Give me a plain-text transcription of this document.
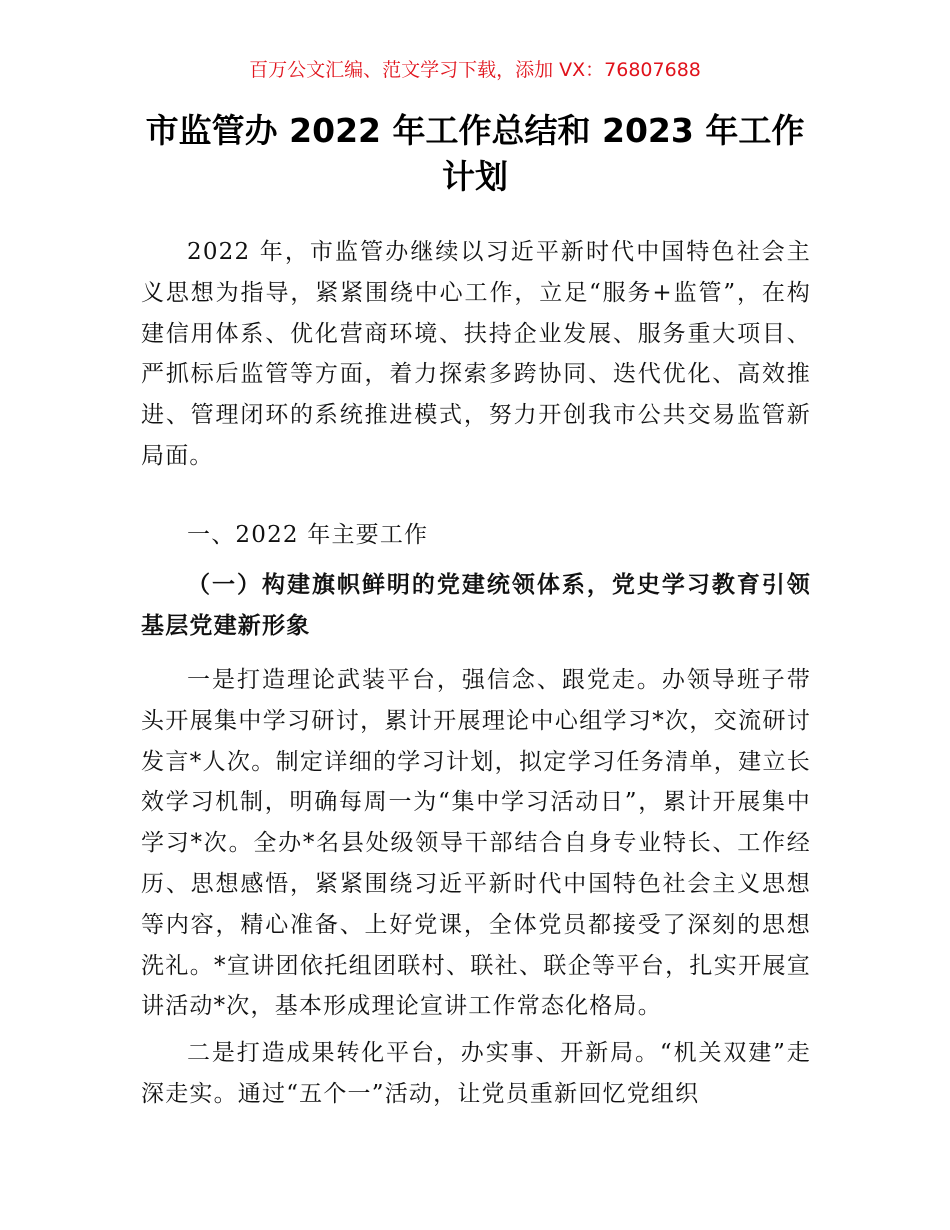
百万公文汇编、范文学习下载，添加 VX：76807688
市监管办 2022 年工作总结和 2023 年工作计划

2022 年，市监管办继续以习近平新时代中国特色社会主义思想为指导，紧紧围绕中心工作，立足“服务+监管”，在构建信用体系、优化营商环境、扶持企业发展、服务重大项目、严抓标后监管等方面，着力探索多跨协同、迭代优化、高效推进、管理闭环的系统推进模式，努力开创我市公共交易监管新局面。

一、2022 年主要工作

（一）构建旗帜鲜明的党建统领体系，党史学习教育引领基层党建新形象

一是打造理论武装平台，强信念、跟党走。办领导班子带头开展集中学习研讨，累计开展理论中心组学习*次，交流研讨发言*人次。制定详细的学习计划，拟定学习任务清单，建立长效学习机制，明确每周一为“集中学习活动日”，累计开展集中学习*次。全办*名县处级领导干部结合自身专业特长、工作经历、思想感悟，紧紧围绕习近平新时代中国特色社会主义思想等内容，精心准备、上好党课，全体党员都接受了深刻的思想洗礼。*宣讲团依托组团联村、联社、联企等平台，扎实开展宣讲活动*次，基本形成理论宣讲工作常态化格局。

二是打造成果转化平台，办实事、开新局。“机关双建”走深走实。通过“五个一”活动，让党员重新回忆党组织
